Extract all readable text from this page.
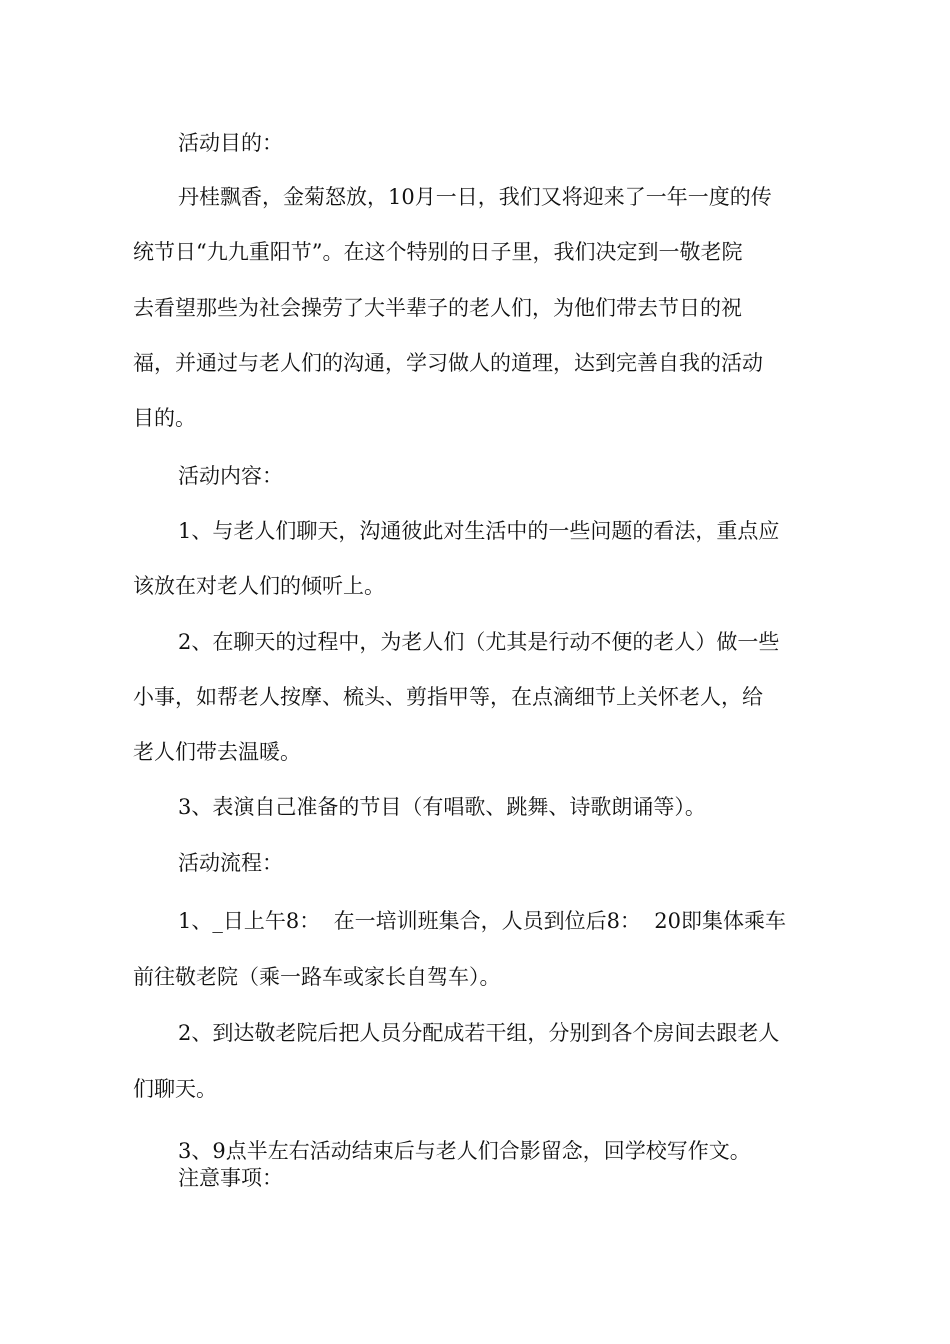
活动目的：
丹桂飘香，金菊怒放，10月一日，我们又将迎来了一年一度的传
统节日“九九重阳节”。在这个特别的日子里，我们决定到一敬老院
去看望那些为社会操劳了大半辈子的老人们，为他们带去节日的祝
福，并通过与老人们的沟通，学习做人的道理，达到完善自我的活动
目的。
活动内容：
1、与老人们聊天，沟通彼此对生活中的一些问题的看法，重点应
该放在对老人们的倾听上。
2、在聊天的过程中，为老人们（尤其是行动不便的老人）做一些
小事，如帮老人按摩、梳头、剪指甲等，在点滴细节上关怀老人，给
老人们带去温暖。
3、表演自己准备的节目（有唱歌、跳舞、诗歌朗诵等）。
活动流程：
1、_日上午8：  在一培训班集合，人员到位后8：  20即集体乘车
前往敬老院（乘一路车或家长自驾车）。
2、到达敬老院后把人员分配成若干组，分别到各个房间去跟老人
们聊天。
3、9点半左右活动结束后与老人们合影留念，回学校写作文。
注意事项：
